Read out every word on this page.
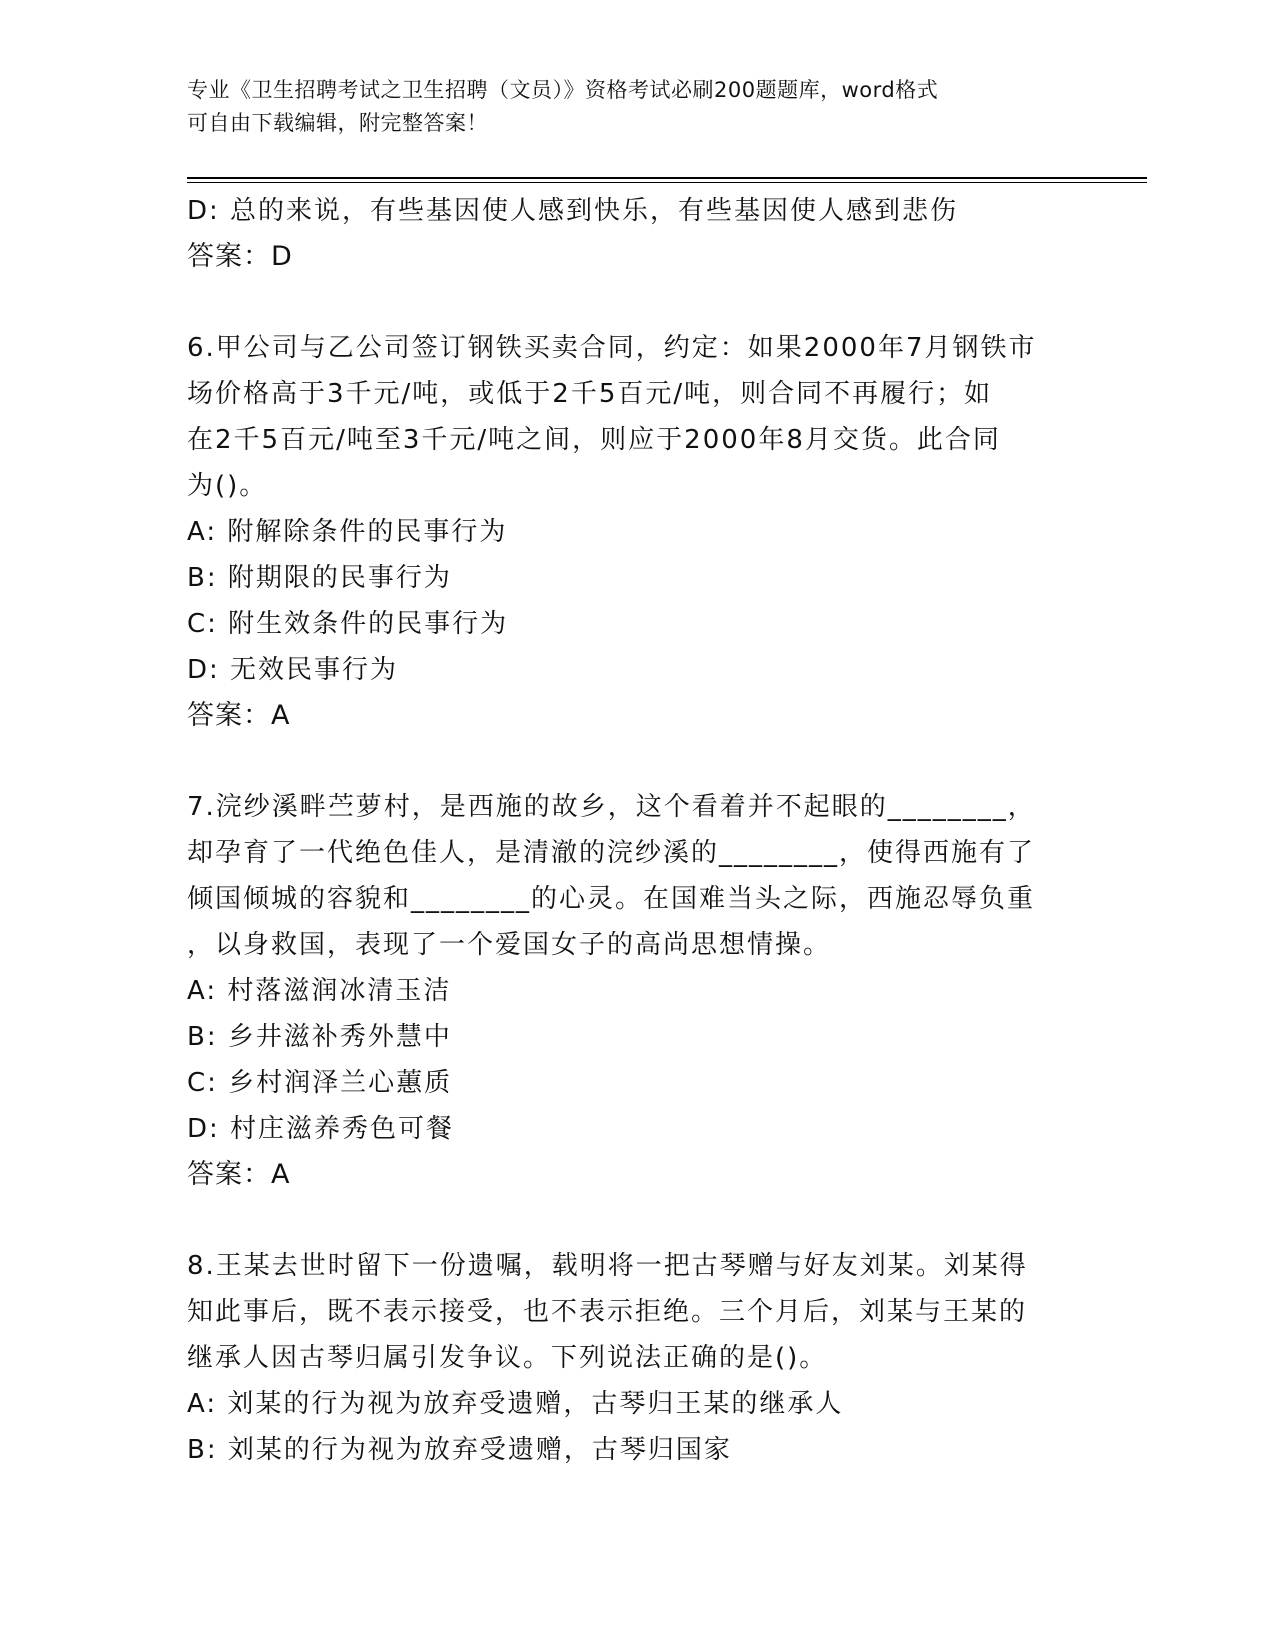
专业《卫生招聘考试之卫生招聘（文员）》资格考试必刷200题题库，word格式
可自由下载编辑，附完整答案！
D: 总的来说，有些基因使人感到快乐，有些基因使人感到悲伤
答案：D
6.甲公司与乙公司签订钢铁买卖合同，约定：如果2000年7月钢铁市
场价格高于3千元/吨，或低于2千5百元/吨，则合同不再履行；如
在2千5百元/吨至3千元/吨之间，则应于2000年8月交货。此合同
为()。
A: 附解除条件的民事行为
B: 附期限的民事行为
C: 附生效条件的民事行为
D: 无效民事行为
答案：A
7.浣纱溪畔苎萝村，是西施的故乡，这个看着并不起眼的________，
却孕育了一代绝色佳人，是清澈的浣纱溪的________，使得西施有了
倾国倾城的容貌和________的心灵。在国难当头之际，西施忍辱负重
，以身救国，表现了一个爱国女子的高尚思想情操。
A: 村落滋润冰清玉洁
B: 乡井滋补秀外慧中
C: 乡村润泽兰心蕙质
D: 村庄滋养秀色可餐
答案：A
8.王某去世时留下一份遗嘱，载明将一把古琴赠与好友刘某。刘某得
知此事后，既不表示接受，也不表示拒绝。三个月后，刘某与王某的
继承人因古琴归属引发争议。下列说法正确的是()。
A: 刘某的行为视为放弃受遗赠，古琴归王某的继承人
B: 刘某的行为视为放弃受遗赠，古琴归国家
